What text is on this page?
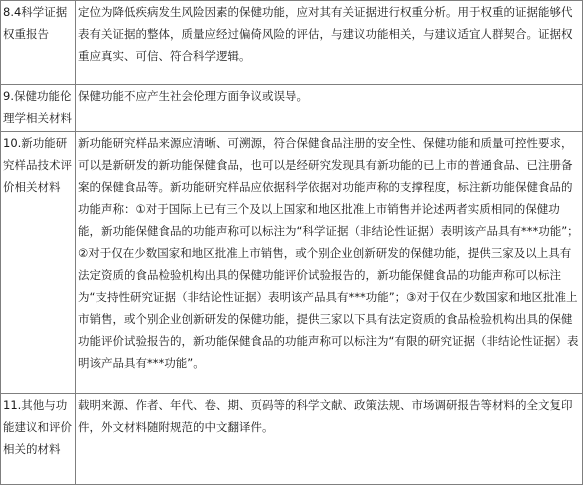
8.4科学证据权重报告	定位为降低疾病发生风险因素的保健功能，应对其有关证据进行权重分析。用于权重的证据能够代表有关证据的整体，质量应经过偏倚风险的评估，与建议功能相关，与建议适宜人群契合。证据权重应真实、可信、符合科学逻辑。
9.保健功能伦理学相关材料	保健功能不应产生社会伦理方面争议或误导。
10.新功能研究样品技术评价相关材料	新功能研究样品来源应清晰、可溯源，符合保健食品注册的安全性、保健功能和质量可控性要求，可以是新研发的新功能保健食品，也可以是经研究发现具有新功能的已上市的普通食品、已注册备案的保健食品等。新功能研究样品应依据科学依据对功能声称的支撑程度，标注新功能保健食品的功能声称：①对于国际上已有三个及以上国家和地区批准上市销售并论述两者实质相同的保健功能，新功能保健食品的功能声称可以标注为“科学证据（非结论性证据）表明该产品具有***功能”；②对于仅在少数国家和地区批准上市销售，或个别企业创新研发的保健功能，提供三家及以上具有法定资质的食品检验机构出具的保健功能评价试验报告的，新功能保健食品的功能声称可以标注为“支持性研究证据（非结论性证据）表明该产品具有***功能”；③对于仅在少数国家和地区批准上市销售，或个别企业创新研发的保健功能，提供三家以下具有法定资质的食品检验机构出具的保健功能评价试验报告的，新功能保健食品的功能声称可以标注为“有限的研究证据（非结论性证据）表明该产品具有***功能”。
11.其他与功能建议和评价相关的材料	载明来源、作者、年代、卷、期、页码等的科学文献、政策法规、市场调研报告等材料的全文复印件，外文材料随附规范的中文翻译件。
